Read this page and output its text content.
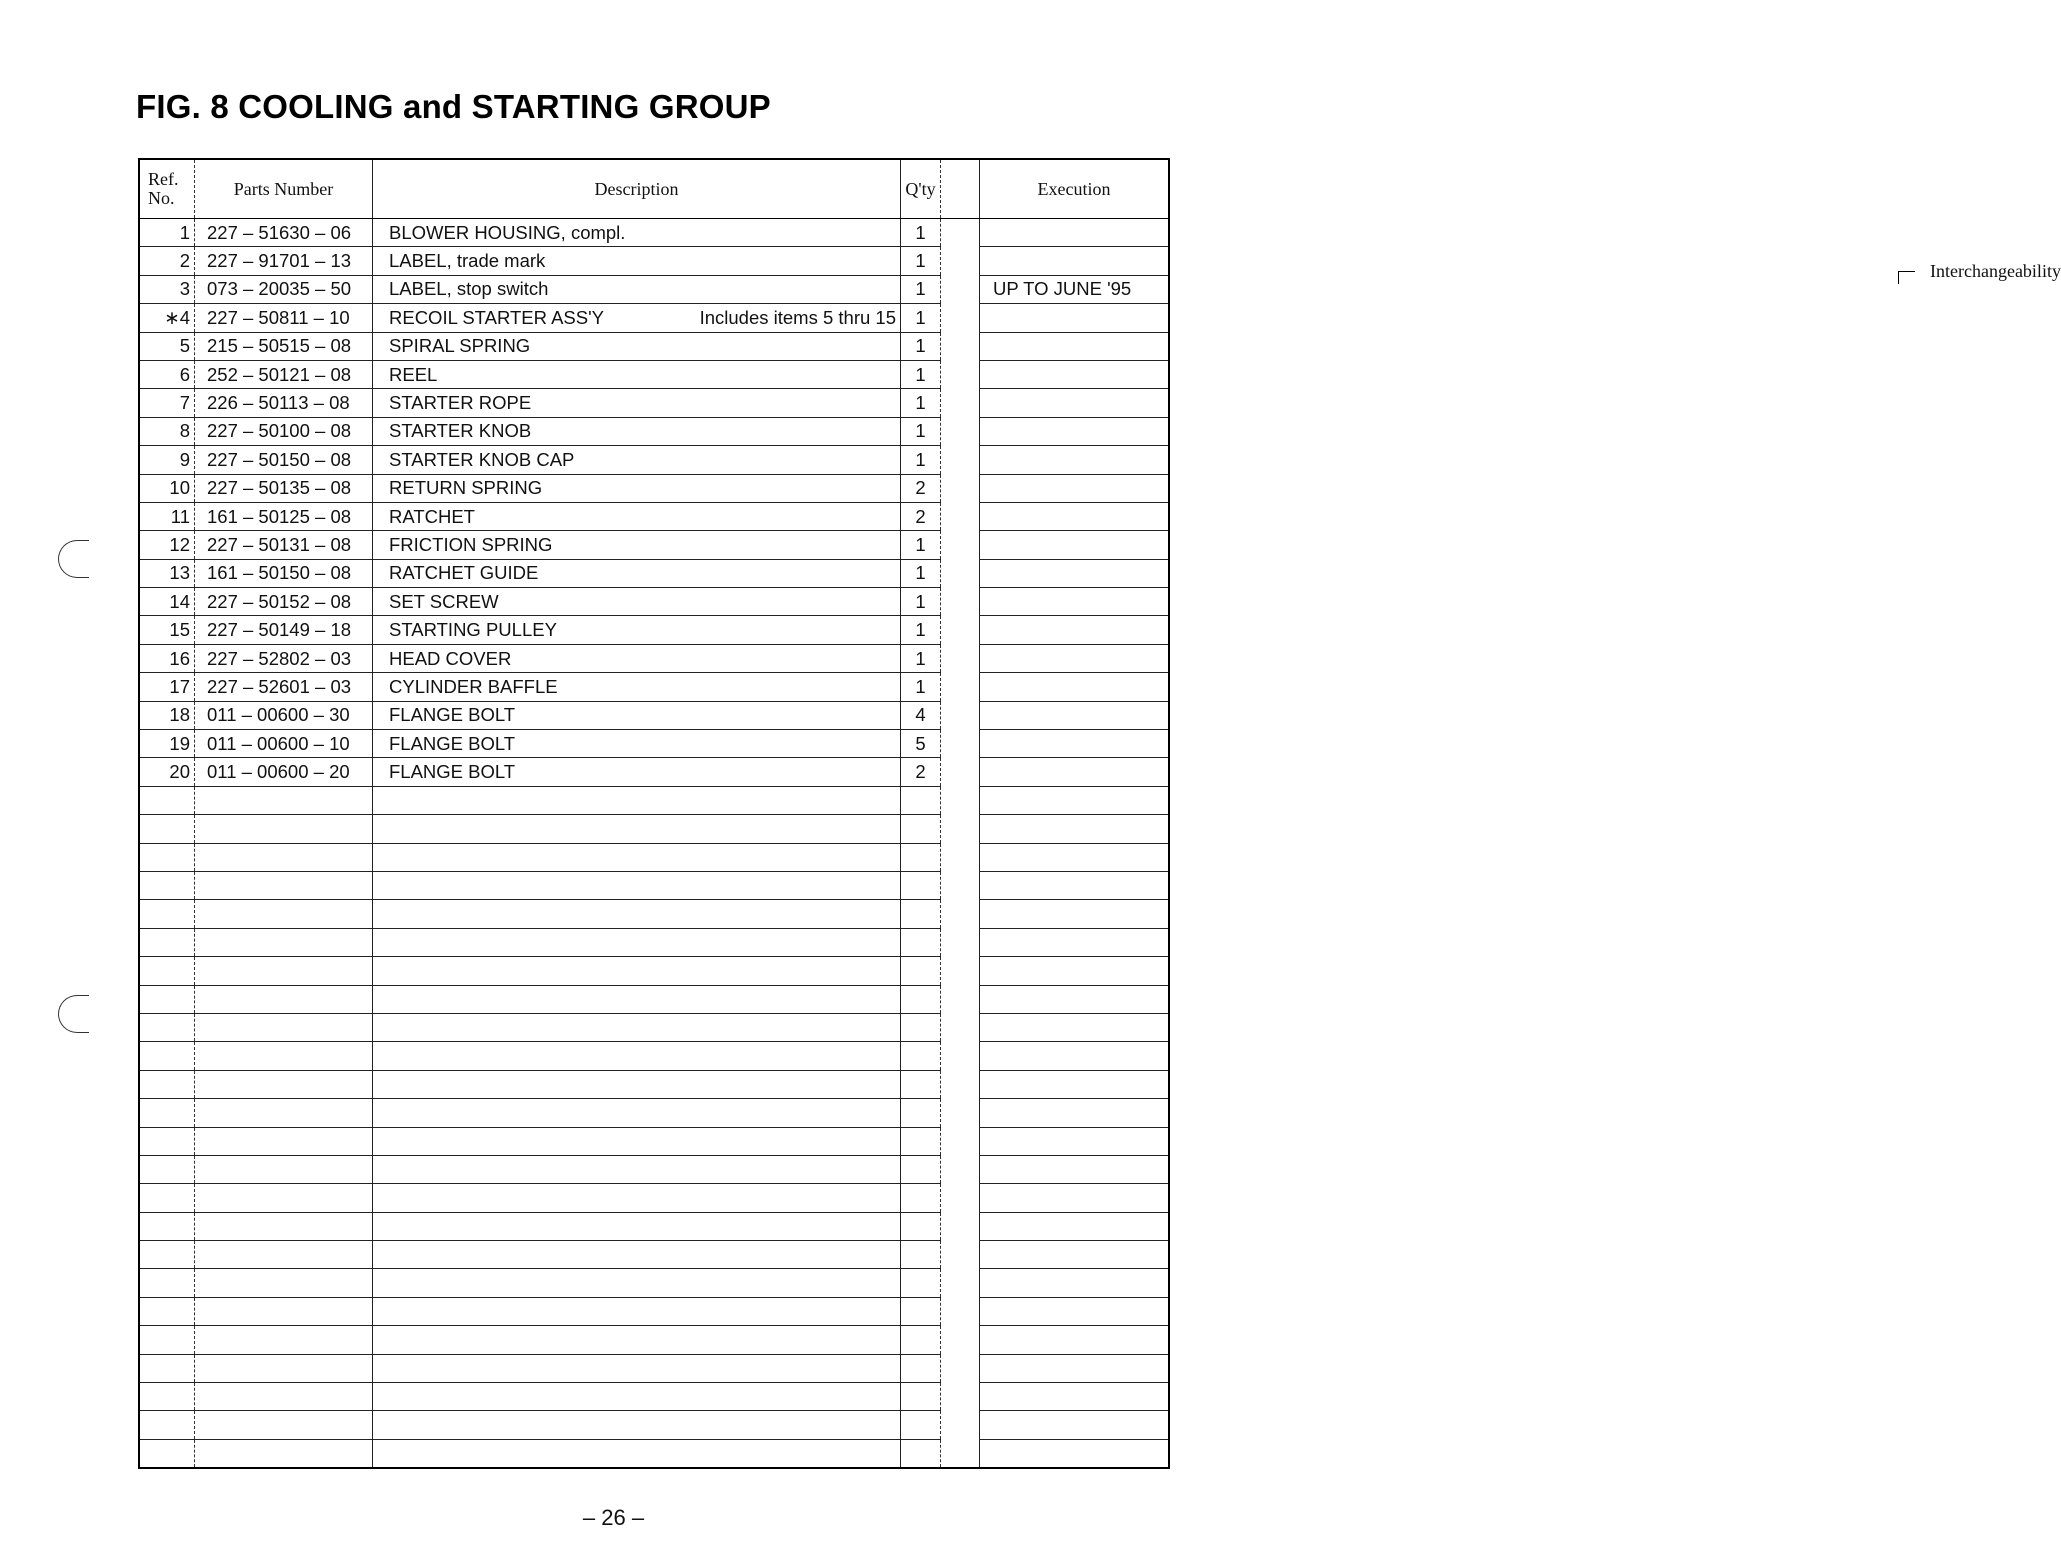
FIG. 8 COOLING and STARTING GROUP
Interchangeability
Ref.
No.	Parts Number	Description	Q'ty		Execution
1	227 – 51630 – 06	BLOWER HOUSING, compl.	1		
2	227 – 91701 – 13	LABEL, trade mark	1		
3	073 – 20035 – 50	LABEL, stop switch	1		UP TO JUNE '95
∗4	227 – 50811 – 10	RECOIL STARTER ASS'Y Includes items 5 thru 15	1		
5	215 – 50515 – 08	SPIRAL SPRING	1		
6	252 – 50121 – 08	REEL	1		
7	226 – 50113 – 08	STARTER ROPE	1		
8	227 – 50100 – 08	STARTER KNOB	1		
9	227 – 50150 – 08	STARTER KNOB CAP	1		
10	227 – 50135 – 08	RETURN SPRING	2		
11	161 – 50125 – 08	RATCHET	2		
12	227 – 50131 – 08	FRICTION SPRING	1		
13	161 – 50150 – 08	RATCHET GUIDE	1		
14	227 – 50152 – 08	SET SCREW	1		
15	227 – 50149 – 18	STARTING PULLEY	1		
16	227 – 52802 – 03	HEAD COVER	1		
17	227 – 52601 – 03	CYLINDER BAFFLE	1		
18	011 – 00600 – 30	FLANGE BOLT	4		
19	011 – 00600 – 10	FLANGE BOLT	5		
20	011 – 00600 – 20	FLANGE BOLT	2		

– 26 –
